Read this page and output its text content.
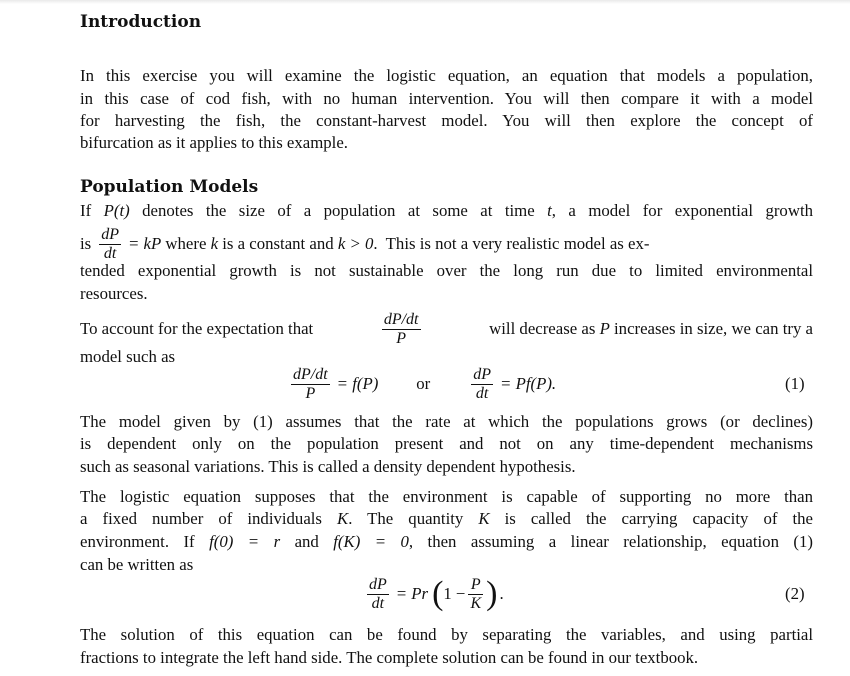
Introduction
In this exercise you will examine the logistic equation, an equation that models a population,
in this case of cod fish, with no human intervention. You will then compare it with a model
for harvesting the fish, the constant-harvest model. You will then explore the concept of
bifurcation as it applies to this example.
Population Models
If P(t) denotes the size of a population at some at time t, a model for exponential growth
is $\frac{dP}{dt}$ = kP where k is a constant and k > 0 .  This is not a very realistic model as ex-
tended exponential growth is not sustainable over the long run due to limited environmental
resources.
To account for the expectation that	$\frac{dP/dt}{P}$	will decrease as P increases in size, we can try a
model such as
$\frac{dP/dt}{P} = f(P)$ or	$\frac{dP}{dt} = Pf(P)$.	(1)
The model given by (1) assumes that the rate at which the populations grows (or declines)
is dependent only on the population present and not on any time-dependent mechanisms
such as seasonal variations. This is called a density dependent hypothesis.
The logistic equation supposes that the environment is capable of supporting no more than
a fixed number of individuals K. The quantity K is called the carrying capacity of the
environment. If f(0) = r and f(K) = 0, then assuming a linear relationship, equation (1)
can be written as
$\frac{dP}{dt} = Pr$ ( $1 - \frac{P}{K}$ ) .	(2)
The solution of this equation can be found by separating the variables, and using partial
fractions to integrate the left hand side. The complete solution can be found in our textbook.
